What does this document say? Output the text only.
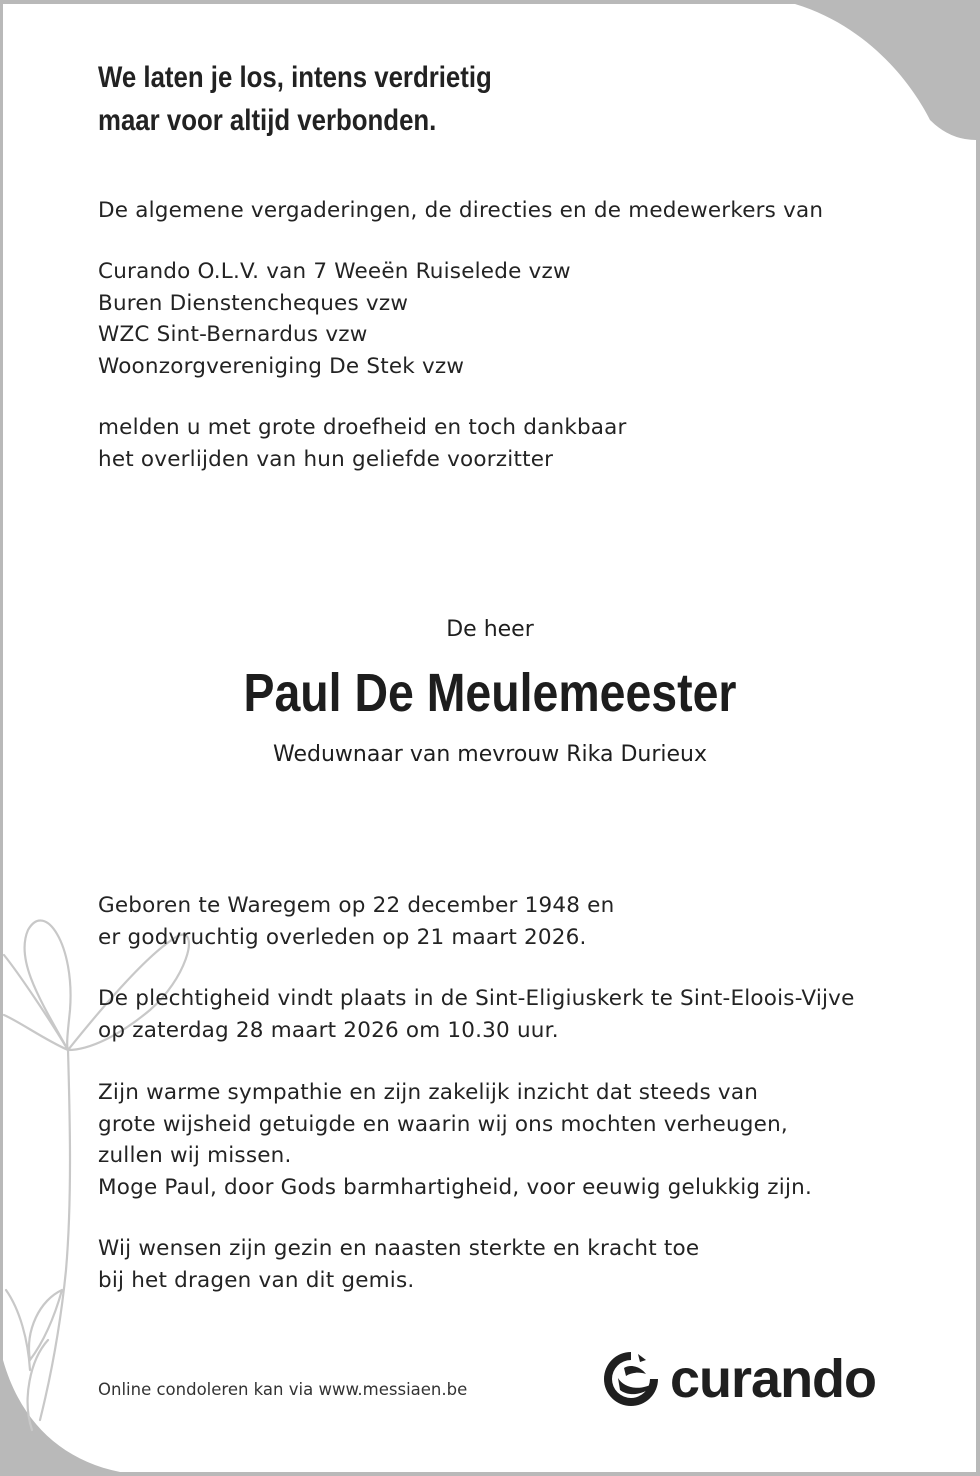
We laten je los, intens verdrietig
maar voor altijd verbonden.

De algemene vergaderingen, de directies en de medewerkers van

Curando O.L.V. van 7 Weeën Ruiselede vzw
Buren Dienstencheques vzw
WZC Sint-Bernardus vzw
Woonzorgvereniging De Stek vzw
melden u met grote droefheid en toch dankbaar
het overlijden van hun geliefde voorzitter

De heer

Paul De Meulemeester

Weduwnaar van mevrouw Rika Durieux

Geboren te Waregem op 22 december 1948 en
er godvruchtig overleden op 21 maart 2026.
De plechtigheid vindt plaats in de Sint-Eligiuskerk te Sint-Eloois-Vijve
op zaterdag 28 maart 2026 om 10.30 uur.
Zijn warme sympathie en zijn zakelijk inzicht dat steeds van
grote wijsheid getuigde en waarin wij ons mochten verheugen,
zullen wij missen.
Moge Paul, door Gods barmhartigheid, voor eeuwig gelukkig zijn.
Wij wensen zijn gezin en naasten sterkte en kracht toe
bij het dragen van dit gemis.

Online condoleren kan via www.messiaen.be	curando
